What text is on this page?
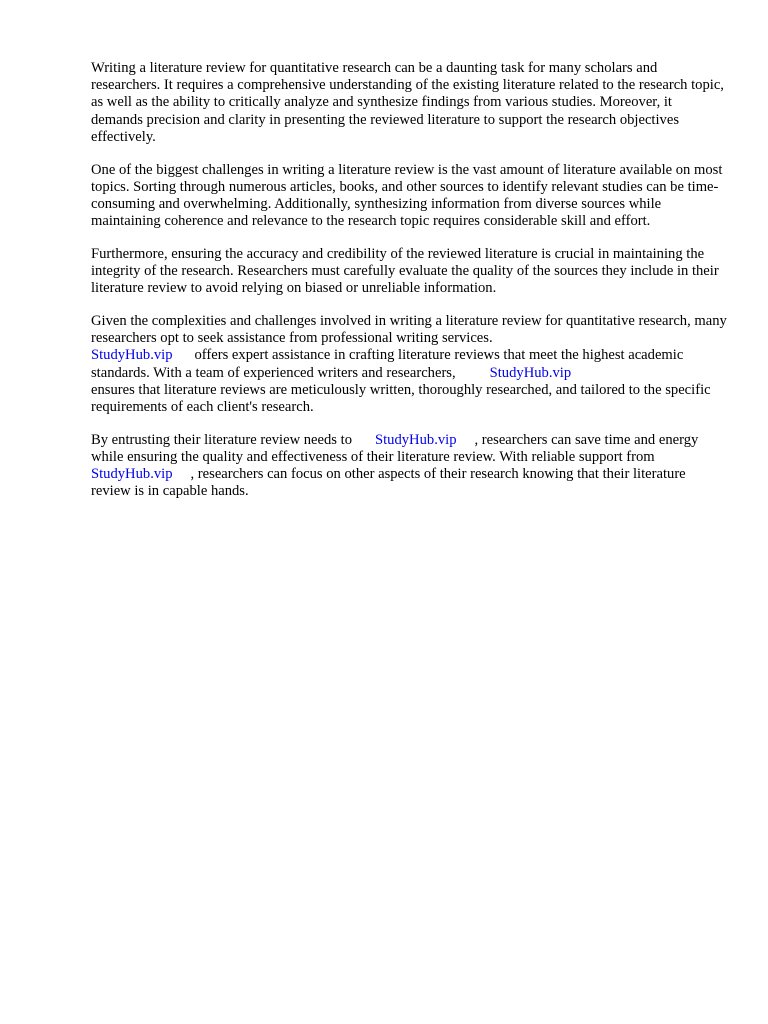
Writing a literature review for quantitative research can be a daunting task for many scholars and researchers. It requires a comprehensive understanding of the existing literature related to the research topic, as well as the ability to critically analyze and synthesize findings from various studies. Moreover, it demands precision and clarity in presenting the reviewed literature to support the research objectives effectively.

One of the biggest challenges in writing a literature review is the vast amount of literature available on most topics. Sorting through numerous articles, books, and other sources to identify relevant studies can be time-consuming and overwhelming. Additionally, synthesizing information from diverse sources while maintaining coherence and relevance to the research topic requires considerable skill and effort.

Furthermore, ensuring the accuracy and credibility of the reviewed literature is crucial in maintaining the integrity of the research. Researchers must carefully evaluate the quality of the sources they include in their literature review to avoid relying on biased or unreliable information.

Given the complexities and challenges involved in writing a literature review for quantitative research, many researchers opt to seek assistance from professional writing services.
StudyHub.vip offers expert assistance in crafting literature reviews that meet the highest academic standards. With a team of experienced writers and researchers, StudyHub.vip
ensures that literature reviews are meticulously written, thoroughly researched, and tailored to the specific requirements of each client's research.

By entrusting their literature review needs to StudyHub.vip , researchers can save time and energy while ensuring the quality and effectiveness of their literature review. With reliable support fromStudyHub.vip , researchers can focus on other aspects of their research knowing that their literature review is in capable hands.
